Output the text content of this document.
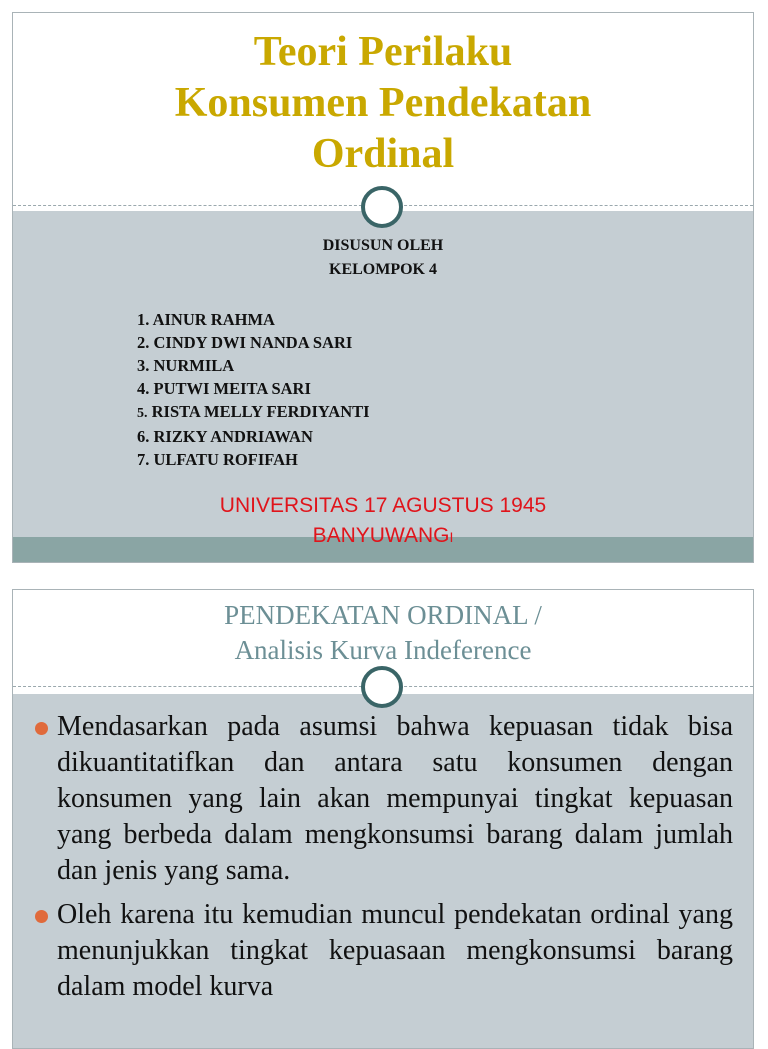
Teori Perilaku
Konsumen Pendekatan
Ordinal
DISUSUN OLEH
KELOMPOK 4
1. AINUR RAHMA
2. CINDY DWI NANDA SARI
3. NURMILA
4. PUTWI MEITA SARI
5. RISTA MELLY FERDIYANTI
6. RIZKY ANDRIAWAN
7. ULFATU ROFIFAH
UNIVERSITAS 17 AGUSTUS 1945
BANYUWANGI
PENDEKATAN ORDINAL /
Analisis Kurva Indeference
Mendasarkan pada asumsi bahwa kepuasan tidak bisa dikuantitatifkan dan antara satu konsumen dengan konsumen yang lain akan mempunyai tingkat kepuasan yang berbeda dalam mengkonsumsi barang dalam jumlah dan jenis yang sama.
Oleh karena itu kemudian muncul pendekatan ordinal yang menunjukkan tingkat kepuasaan mengkonsumsi barang dalam model kurva
